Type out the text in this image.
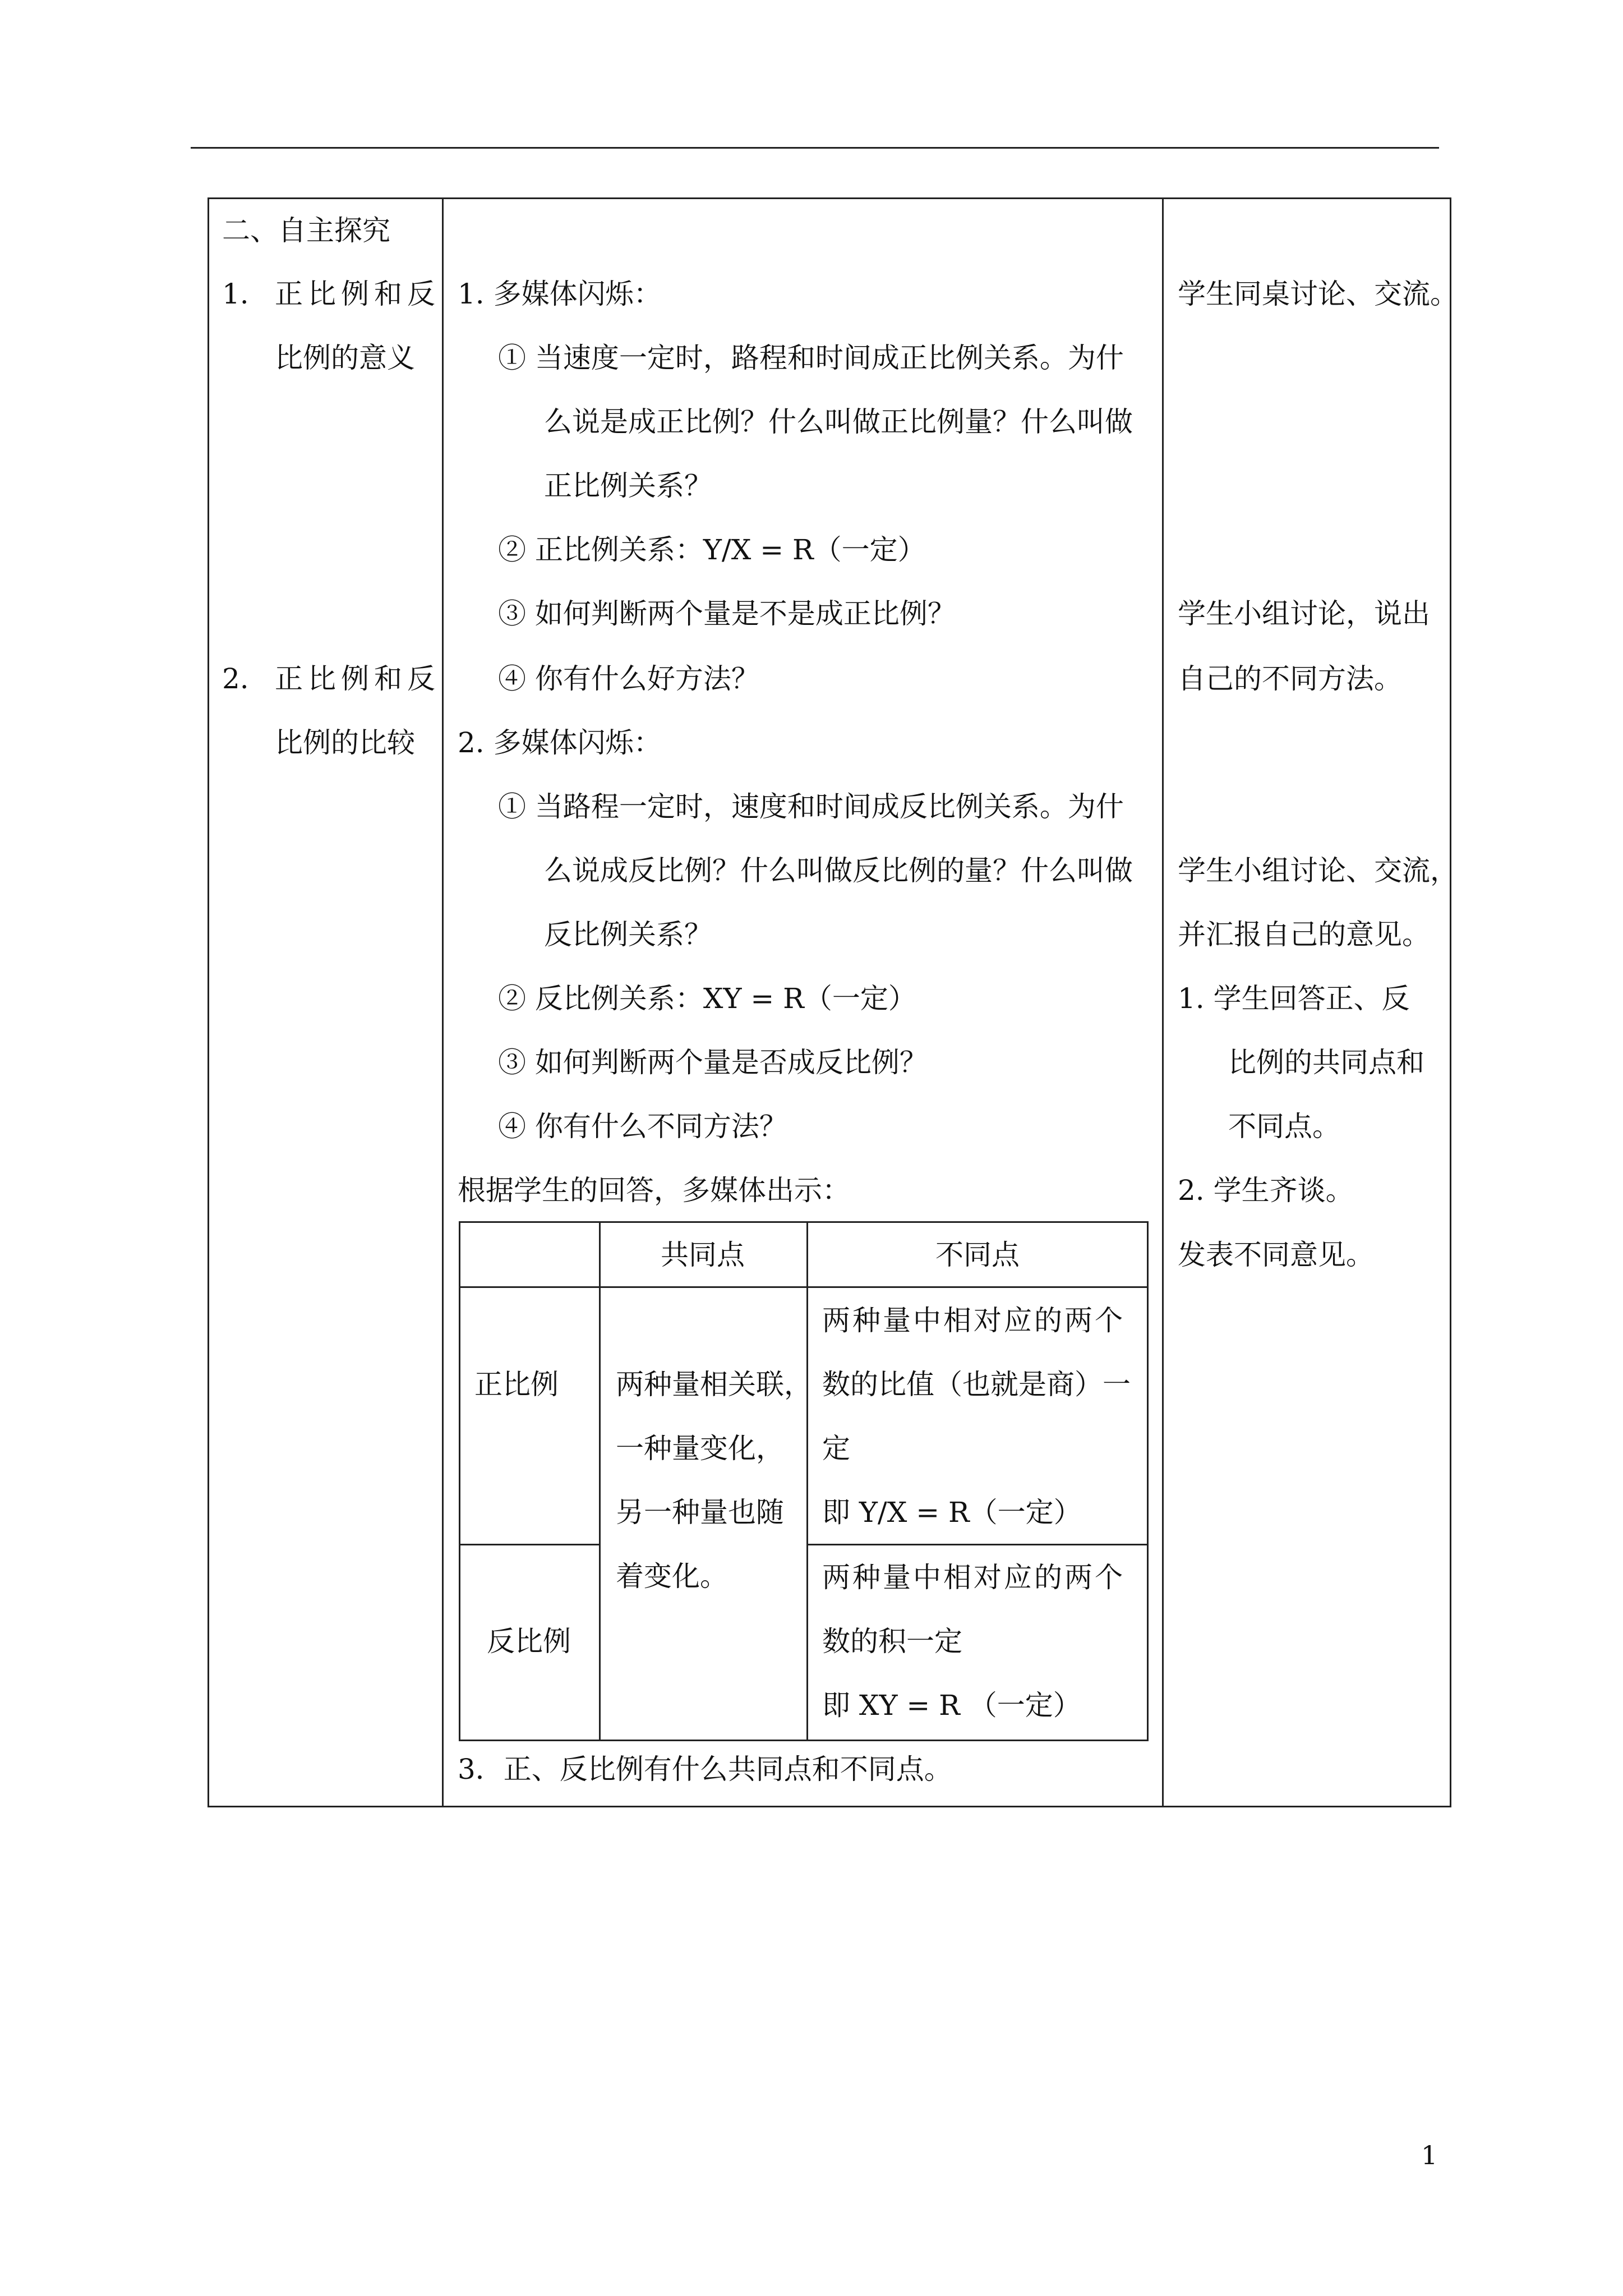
二、自主探究
1. 正比例和反
比例的意义
2. 正比例和反
比例的比较
1. 多媒体闪烁：
① 当速度一定时，路程和时间成正比例关系。为什
么说是成正比例？什么叫做正比例量？什么叫做
正比例关系？
② 正比例关系：Y/X = R（一定）
③ 如何判断两个量是不是成正比例？
④ 你有什么好方法？
2. 多媒体闪烁：
① 当路程一定时，速度和时间成反比例关系。为什
么说成反比例？什么叫做反比例的量？什么叫做
反比例关系？
② 反比例关系：XY = R（一定）
③ 如何判断两个量是否成反比例？
④ 你有什么不同方法？
根据学生的回答，多媒体出示：
共同点	不同点
正比例
反比例
两种量相关联，
一种量变化，
另一种量也随
着变化。
两种量中相对应的两个
数的比值（也就是商）一
定
即 Y/X = R（一定）
两种量中相对应的两个
数的积一定
即 XY = R （一定）
3．正、反比例有什么共同点和不同点。
学生同桌讨论、交流。
学生小组讨论，说出
自己的不同方法。
学生小组讨论、交流，
并汇报自己的意见。
1. 学生回答正、反
比例的共同点和
不同点。
2. 学生齐谈。
发表不同意见。
1
